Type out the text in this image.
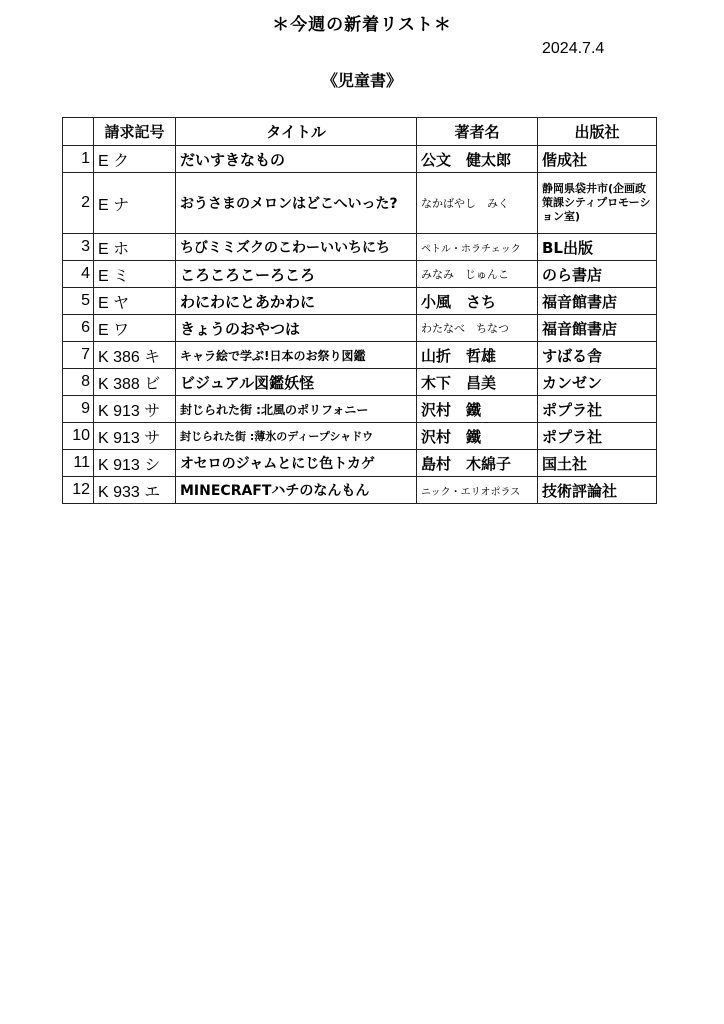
＊今週の新着リスト＊
2024.7.4
《児童書》
	請求記号	タイトル	著者名	出版社
1	E ク	だいすきなもの	公文　健太郎	偕成社
2	E ナ	おうさまのメロンはどこへいった?	なかばやし　みく	静岡県袋井市(企画政策課シティプロモーション室)
3	E ホ	ちびミミズクのこわーいいちにち	ペトル・ホラチェック	BL出版
4	E ミ	ころころこーろころ	みなみ　じゅんこ	のら書店
5	E ヤ	わにわにとあかわに	小風　さち	福音館書店
6	E ワ	きょうのおやつは	わたなべ　ちなつ	福音館書店
7	K 386 キ	キャラ絵で学ぶ!日本のお祭り図鑑	山折　哲雄	すばる舎
8	K 388 ビ	ビジュアル図鑑妖怪	木下　昌美	カンゼン
9	K 913 サ	封じられた街 :北風のポリフォニー	沢村　鐵	ポプラ社
10	K 913 サ	封じられた街 :薄氷のディープシャドウ	沢村　鐵	ポプラ社
11	K 913 シ	オセロのジャムとにじ色トカゲ	島村　木綿子	国土社
12	K 933 エ	MINECRAFTハチのなんもん	ニック・エリオポラス	技術評論社
